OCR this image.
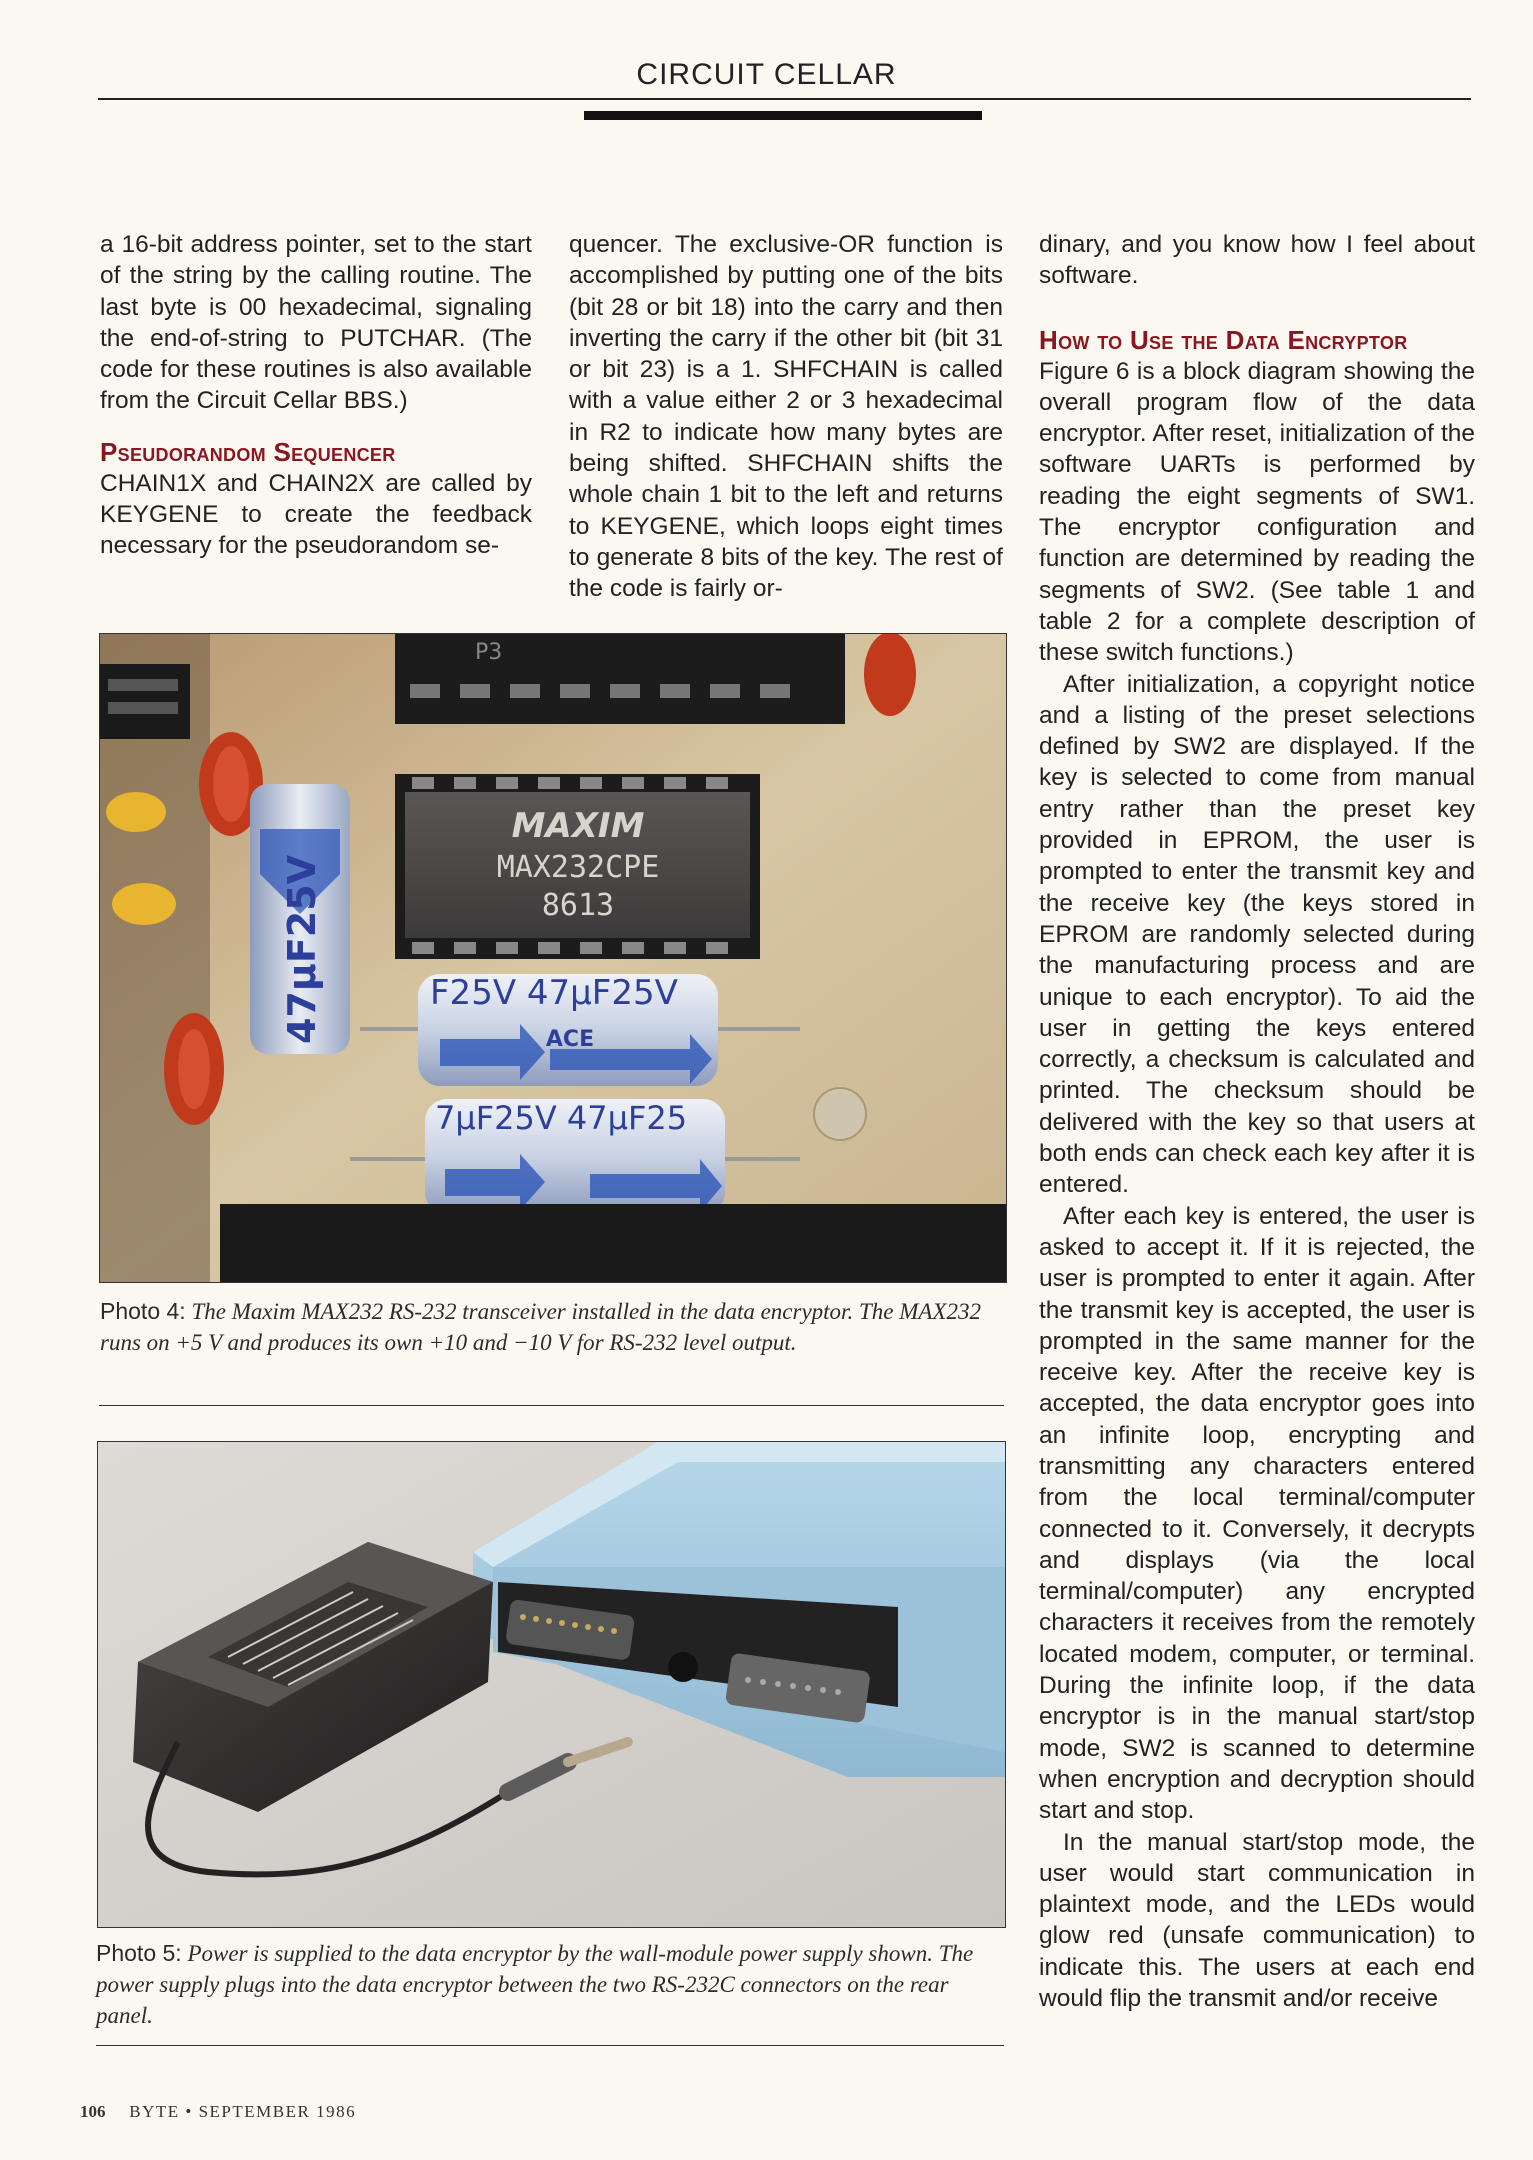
CIRCUIT CELLAR

a 16-bit address pointer, set to the start of the string by the calling routine. The last byte is 00 hexadecimal, signaling the end-of-string to PUTCHAR. (The code for these routines is also available from the Circuit Cellar BBS.)

Pseudorandom Sequencer

CHAIN1X and CHAIN2X are called by KEYGENE to create the feedback necessary for the pseudorandom se-

quencer. The exclusive-OR function is accomplished by putting one of the bits (bit 28 or bit 18) into the carry and then inverting the carry if the other bit (bit 31 or bit 23) is a 1. SHFCHAIN is called with a value either 2 or 3 hexadecimal in R2 to indicate how many bytes are being shifted. SHFCHAIN shifts the whole chain 1 bit to the left and returns to KEYGENE, which loops eight times to generate 8 bits of the key. The rest of the code is fairly or-

dinary, and you know how I feel about software.

How to Use the Data Encryptor

Figure 6 is a block diagram showing the overall program flow of the data encryptor. After reset, initialization of the software UARTs is performed by reading the eight segments of SW1. The encryptor configuration and function are determined by reading the segments of SW2. (See table 1 and table 2 for a complete description of these switch functions.)

After initialization, a copyright notice and a listing of the preset selections defined by SW2 are displayed. If the key is selected to come from manual entry rather than the preset key provided in EPROM, the user is prompted to enter the transmit key and the receive key (the keys stored in EPROM are randomly selected during the manufacturing process and are unique to each encryptor). To aid the user in getting the keys entered correctly, a checksum is calculated and printed. The checksum should be delivered with the key so that users at both ends can check each key after it is entered.

After each key is entered, the user is asked to accept it. If it is rejected, the user is prompted to enter it again. After the transmit key is accepted, the user is prompted in the same manner for the receive key. After the receive key is accepted, the data encryptor goes into an infinite loop, encrypting and transmitting any characters entered from the local terminal/computer connected to it. Conversely, it decrypts and displays (via the local terminal/computer) any encrypted characters it receives from the remotely located modem, computer, or terminal. During the infinite loop, if the data encryptor is in the manual start/stop mode, SW2 is scanned to determine when encryption and decryption should start and stop.

In the manual start/stop mode, the user would start communication in plaintext mode, and the LEDs would glow red (unsafe communication) to indicate this. The users at each end would flip the transmit and/or receive

P3
47µF25V
MAXIM
MAX232CPE
8613
F25V 47µF25V
ACE
7µF25V 47µF25
Photo 4: The Maxim MAX232 RS-232 transceiver installed in the data encryptor. The MAX232 runs on +5 V and produces its own +10 and −10 V for RS-232 level output.
Photo 5: Power is supplied to the data encryptor by the wall-module power supply shown. The power supply plugs into the data encryptor between the two RS-232C connectors on the rear panel.
106 BYTE • SEPTEMBER 1986
